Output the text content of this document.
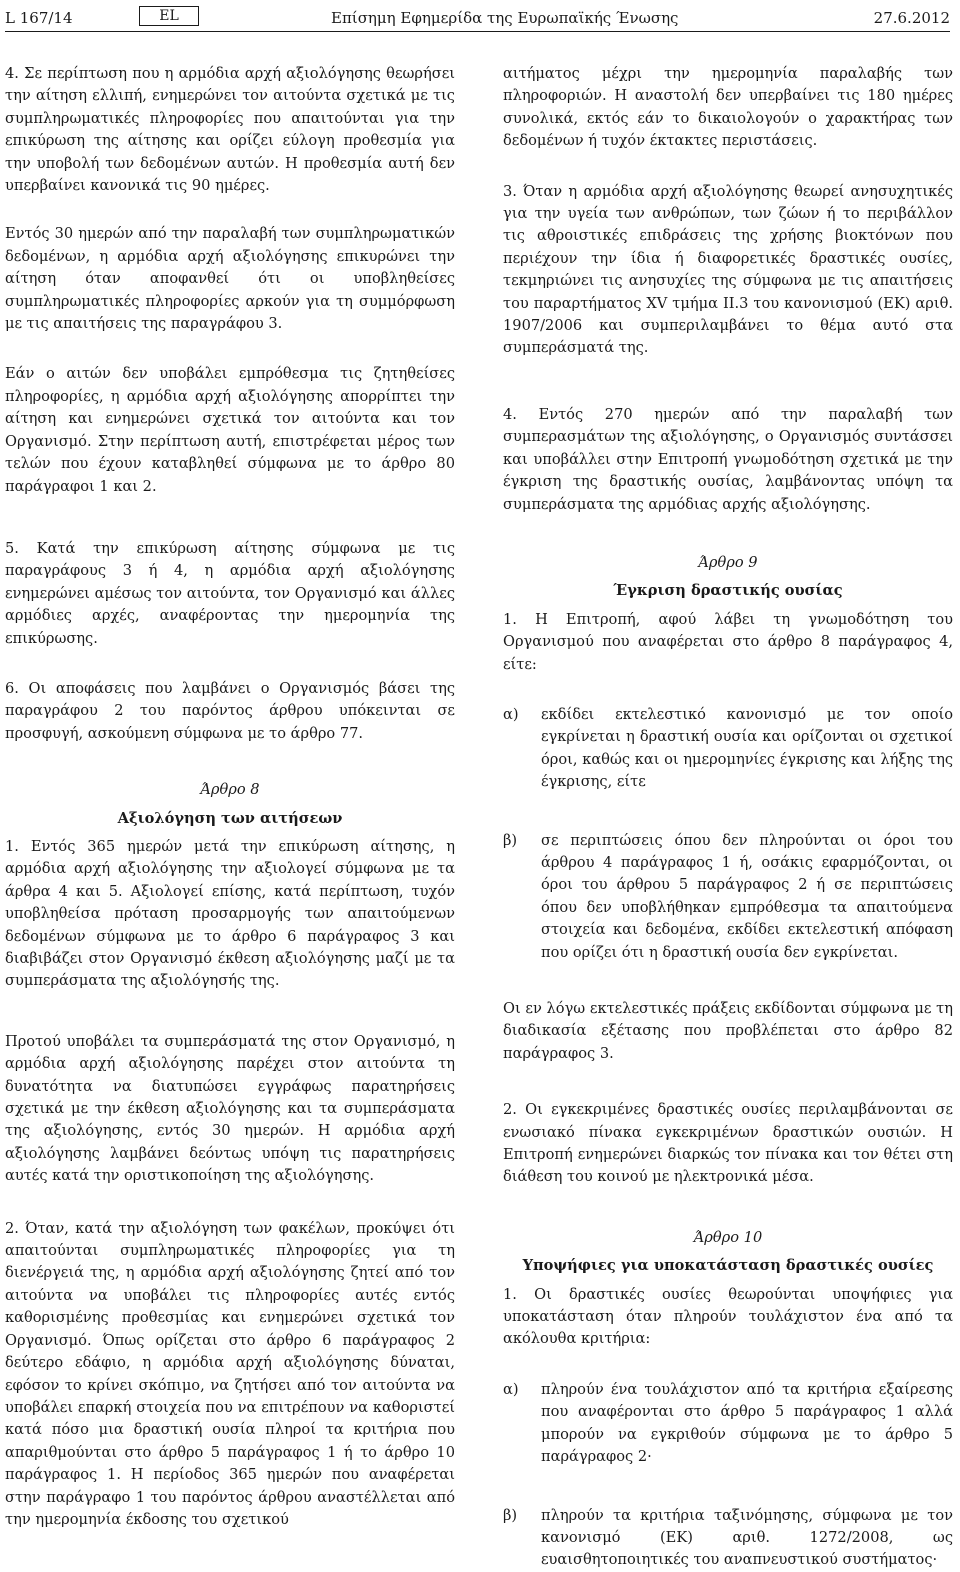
L 167/14	EL	Επίσημη Εφημερίδα της Ευρωπαϊκής Ένωσης	27.6.2012

4. Σε περίπτωση που η αρμόδια αρχή αξιολόγησης θεωρήσει την αίτηση ελλιπή, ενημερώνει τον αιτούντα σχετικά με τις συμπληρωματικές πληροφορίες που απαιτούνται για την επικύρωση της αίτησης και ορίζει εύλογη προθεσμία για την υποβολή των δεδομένων αυτών. Η προθεσμία αυτή δεν υπερβαίνει κανονικά τις 90 ημέρες.

Εντός 30 ημερών από την παραλαβή των συμπληρωματικών δεδομένων, η αρμόδια αρχή αξιολόγησης επικυρώνει την αίτηση όταν αποφανθεί ότι οι υποβληθείσες συμπληρωματικές πληροφορίες αρκούν για τη συμμόρφωση με τις απαιτήσεις της παραγράφου 3.

Εάν ο αιτών δεν υποβάλει εμπρόθεσμα τις ζητηθείσες πληροφορίες, η αρμόδια αρχή αξιολόγησης απορρίπτει την αίτηση και ενημερώνει σχετικά τον αιτούντα και τον Οργανισμό. Στην περίπτωση αυτή, επιστρέφεται μέρος των τελών που έχουν καταβληθεί σύμφωνα με το άρθρο 80 παράγραφοι 1 και 2.

5. Κατά την επικύρωση αίτησης σύμφωνα με τις παραγράφους 3 ή 4, η αρμόδια αρχή αξιολόγησης ενημερώνει αμέσως τον αιτούντα, τον Οργανισμό και άλλες αρμόδιες αρχές, αναφέροντας την ημερομηνία της επικύρωσης.

6. Οι αποφάσεις που λαμβάνει ο Οργανισμός βάσει της παραγράφου 2 του παρόντος άρθρου υπόκεινται σε προσφυγή, ασκούμενη σύμφωνα με το άρθρο 77.

Άρθρο 8
Αξιολόγηση των αιτήσεων

1. Εντός 365 ημερών μετά την επικύρωση αίτησης, η αρμόδια αρχή αξιολόγησης την αξιολογεί σύμφωνα με τα άρθρα 4 και 5. Αξιολογεί επίσης, κατά περίπτωση, τυχόν υποβληθείσα πρόταση προσαρμογής των απαιτούμενων δεδομένων σύμφωνα με το άρθρο 6 παράγραφος 3 και διαβιβάζει στον Οργανισμό έκθεση αξιολόγησης μαζί με τα συμπεράσματα της αξιολόγησής της.

Προτού υποβάλει τα συμπεράσματά της στον Οργανισμό, η αρμόδια αρχή αξιολόγησης παρέχει στον αιτούντα τη δυνατότητα να διατυπώσει εγγράφως παρατηρήσεις σχετικά με την έκθεση αξιολόγησης και τα συμπεράσματα της αξιολόγησης, εντός 30 ημερών. Η αρμόδια αρχή αξιολόγησης λαμβάνει δεόντως υπόψη τις παρατηρήσεις αυτές κατά την οριστικοποίηση της αξιολόγησης.

2. Όταν, κατά την αξιολόγηση των φακέλων, προκύψει ότι απαιτούνται συμπληρωματικές πληροφορίες για τη διενέργειά της, η αρμόδια αρχή αξιολόγησης ζητεί από τον αιτούντα να υποβάλει τις πληροφορίες αυτές εντός καθορισμένης προθεσμίας και ενημερώνει σχετικά τον Οργανισμό. Όπως ορίζεται στο άρθρο 6 παράγραφος 2 δεύτερο εδάφιο, η αρμόδια αρχή αξιολόγησης δύναται, εφόσον το κρίνει σκόπιμο, να ζητήσει από τον αιτούντα να υποβάλει επαρκή στοιχεία που να επιτρέπουν να καθοριστεί κατά πόσο μια δραστική ουσία πληροί τα κριτήρια που απαριθμούνται στο άρθρο 5 παράγραφος 1 ή το άρθρο 10 παράγραφος 1. Η περίοδος 365 ημερών που αναφέρεται στην παράγραφο 1 του παρόντος άρθρου αναστέλλεται από την ημερομηνία έκδοσης του σχετικού

αιτήματος μέχρι την ημερομηνία παραλαβής των πληροφοριών. Η αναστολή δεν υπερβαίνει τις 180 ημέρες συνολικά, εκτός εάν το δικαιολογούν ο χαρακτήρας των δεδομένων ή τυχόν έκτακτες περιστάσεις.

3. Όταν η αρμόδια αρχή αξιολόγησης θεωρεί ανησυχητικές για την υγεία των ανθρώπων, των ζώων ή το περιβάλλον τις αθροιστικές επιδράσεις της χρήσης βιοκτόνων που περιέχουν την ίδια ή διαφορετικές δραστικές ουσίες, τεκμηριώνει τις ανησυχίες της σύμφωνα με τις απαιτήσεις του παραρτήματος XV τμήμα II.3 του κανονισμού (ΕΚ) αριθ. 1907/2006 και συμπεριλαμβάνει το θέμα αυτό στα συμπεράσματά της.

4. Εντός 270 ημερών από την παραλαβή των συμπερασμάτων της αξιολόγησης, ο Οργανισμός συντάσσει και υποβάλλει στην Επιτροπή γνωμοδότηση σχετικά με την έγκριση της δραστικής ουσίας, λαμβάνοντας υπόψη τα συμπεράσματα της αρμόδιας αρχής αξιολόγησης.

Άρθρο 9
Έγκριση δραστικής ουσίας

1. Η Επιτροπή, αφού λάβει τη γνωμοδότηση του Οργανισμού που αναφέρεται στο άρθρο 8 παράγραφος 4, είτε:

α)	εκδίδει εκτελεστικό κανονισμό με τον οποίο εγκρίνεται η δραστική ουσία και ορίζονται οι σχετικοί όροι, καθώς και οι ημερομηνίες έγκρισης και λήξης της έγκρισης, είτε
β)	σε περιπτώσεις όπου δεν πληρούνται οι όροι του άρθρου 4 παράγραφος 1 ή, οσάκις εφαρμόζονται, οι όροι του άρθρου 5 παράγραφος 2 ή σε περιπτώσεις όπου δεν υποβλήθηκαν εμπρόθεσμα τα απαιτούμενα στοιχεία και δεδομένα, εκδίδει εκτελεστική απόφαση που ορίζει ότι η δραστική ουσία δεν εγκρίνεται.

Οι εν λόγω εκτελεστικές πράξεις εκδίδονται σύμφωνα με τη διαδικασία εξέτασης που προβλέπεται στο άρθρο 82 παράγραφος 3.

2. Οι εγκεκριμένες δραστικές ουσίες περιλαμβάνονται σε ενωσιακό πίνακα εγκεκριμένων δραστικών ουσιών. Η Επιτροπή ενημερώνει διαρκώς τον πίνακα και τον θέτει στη διάθεση του κοινού με ηλεκτρονικά μέσα.

Άρθρο 10
Υποψήφιες για υποκατάσταση δραστικές ουσίες

1. Οι δραστικές ουσίες θεωρούνται υποψήφιες για υποκατάσταση όταν πληρούν τουλάχιστον ένα από τα ακόλουθα κριτήρια:

α)	πληρούν ένα τουλάχιστον από τα κριτήρια εξαίρεσης που αναφέρονται στο άρθρο 5 παράγραφος 1 αλλά μπορούν να εγκριθούν σύμφωνα με το άρθρο 5 παράγραφος 2·
β)	πληρούν τα κριτήρια ταξινόμησης, σύμφωνα με τον κανονισμό (ΕΚ) αριθ. 1272/2008, ως ευαισθητοποιητικές του αναπνευστικού συστήματος·
